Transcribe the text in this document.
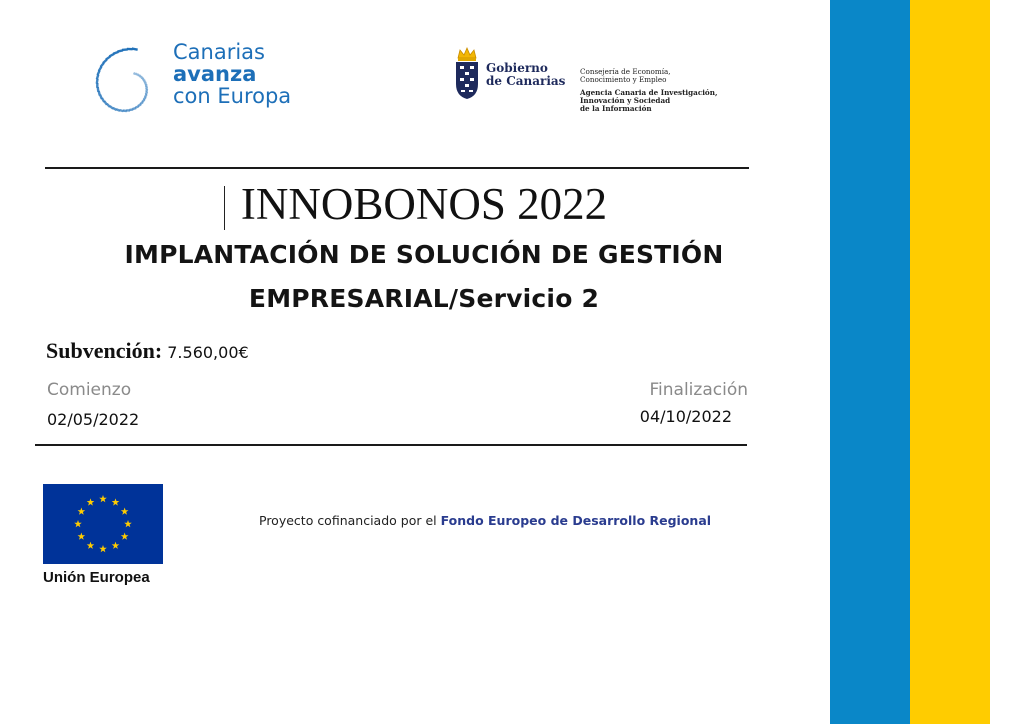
Canarias
avanza
con Europa
Gobierno
de Canarias
Consejería de Economía,
Conocimiento y Empleo
Agencia Canaria de Investigación,
Innovación y Sociedad
de la Información
INNOBONOS 2022
IMPLANTACIÓN DE SOLUCIÓN DE GESTIÓN
EMPRESARIAL/Servicio 2
Subvención: 7.560,00€
Comienzo
02/05/2022
Finalización
04/10/2022
Unión Europea
Proyecto cofinanciado por el Fondo Europeo de Desarrollo Regional
